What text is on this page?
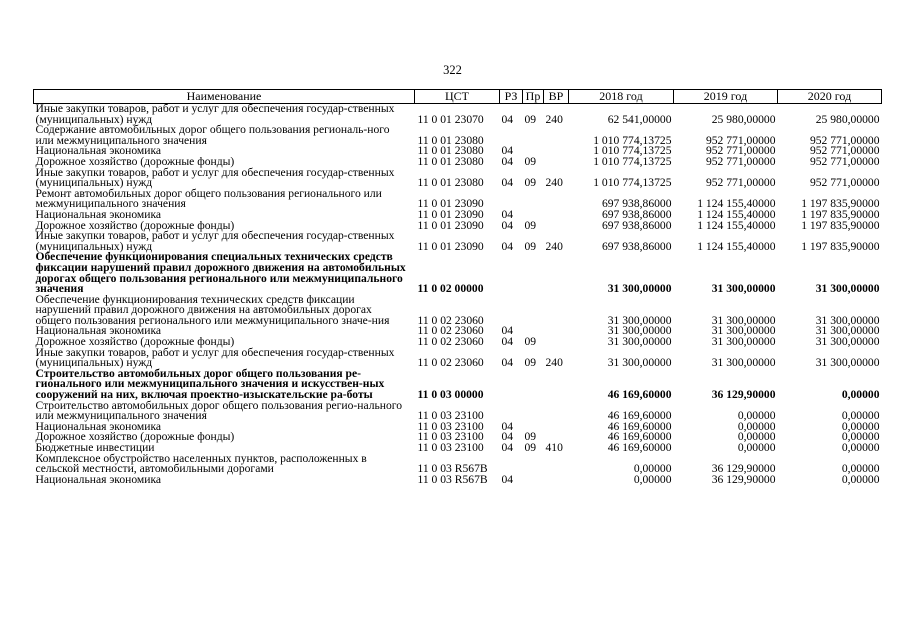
322
Наименование	ЦСТ	РЗ	Пр	ВР	2018 год	2019 год	2020 год
Иные закупки товаров, работ и услуг для обеспечения государ-ственных (муниципальных) нужд	11 0 01 23070	04	09	240	62 541,00000	25 980,00000	25 980,00000
Содержание автомобильных дорог общего пользования региональ-ного или межмуниципального значения	11 0 01 23080				1 010 774,13725	952 771,00000	952 771,00000
Национальная экономика	11 0 01 23080	04			1 010 774,13725	952 771,00000	952 771,00000
Дорожное хозяйство (дорожные фонды)	11 0 01 23080	04	09		1 010 774,13725	952 771,00000	952 771,00000
Иные закупки товаров, работ и услуг для обеспечения государ-ственных (муниципальных) нужд	11 0 01 23080	04	09	240	1 010 774,13725	952 771,00000	952 771,00000
Ремонт автомобильных дорог общего пользования регионального или межмуниципального значения	11 0 01 23090				697 938,86000	1 124 155,40000	1 197 835,90000
Национальная экономика	11 0 01 23090	04			697 938,86000	1 124 155,40000	1 197 835,90000
Дорожное хозяйство (дорожные фонды)	11 0 01 23090	04	09		697 938,86000	1 124 155,40000	1 197 835,90000
Иные закупки товаров, работ и услуг для обеспечения государ-ственных (муниципальных) нужд	11 0 01 23090	04	09	240	697 938,86000	1 124 155,40000	1 197 835,90000
Обеспечение функционирования специальных технических средств фиксации нарушений правил дорожного движения на автомобильных дорогах общего пользования регионального или межмуниципального значения	11 0 02 00000				31 300,00000	31 300,00000	31 300,00000
Обеспечение функционирования технических средств фиксации нарушений правил дорожного движения на автомобильных дорогах общего пользования регионального или межмуниципального значе-ния	11 0 02 23060				31 300,00000	31 300,00000	31 300,00000
Национальная экономика	11 0 02 23060	04			31 300,00000	31 300,00000	31 300,00000
Дорожное хозяйство (дорожные фонды)	11 0 02 23060	04	09		31 300,00000	31 300,00000	31 300,00000
Иные закупки товаров, работ и услуг для обеспечения государ-ственных (муниципальных) нужд	11 0 02 23060	04	09	240	31 300,00000	31 300,00000	31 300,00000
Строительство автомобильных дорог общего пользования ре-гионального или межмуниципального значения и искусствен-ных сооружений на них, включая проектно-изыскательские ра-боты	11 0 03 00000				46 169,60000	36 129,90000	0,00000
Строительство автомобильных дорог общего пользования регио-нального или межмуниципального значения	11 0 03 23100				46 169,60000	0,00000	0,00000
Национальная экономика	11 0 03 23100	04			46 169,60000	0,00000	0,00000
Дорожное хозяйство (дорожные фонды)	11 0 03 23100	04	09		46 169,60000	0,00000	0,00000
Бюджетные инвестиции	11 0 03 23100	04	09	410	46 169,60000	0,00000	0,00000
Комплексное обустройство населенных пунктов, расположенных в сельской местности, автомобильными дорогами	11 0 03 R567B				0,00000	36 129,90000	0,00000
Национальная экономика	11 0 03 R567B	04			0,00000	36 129,90000	0,00000
